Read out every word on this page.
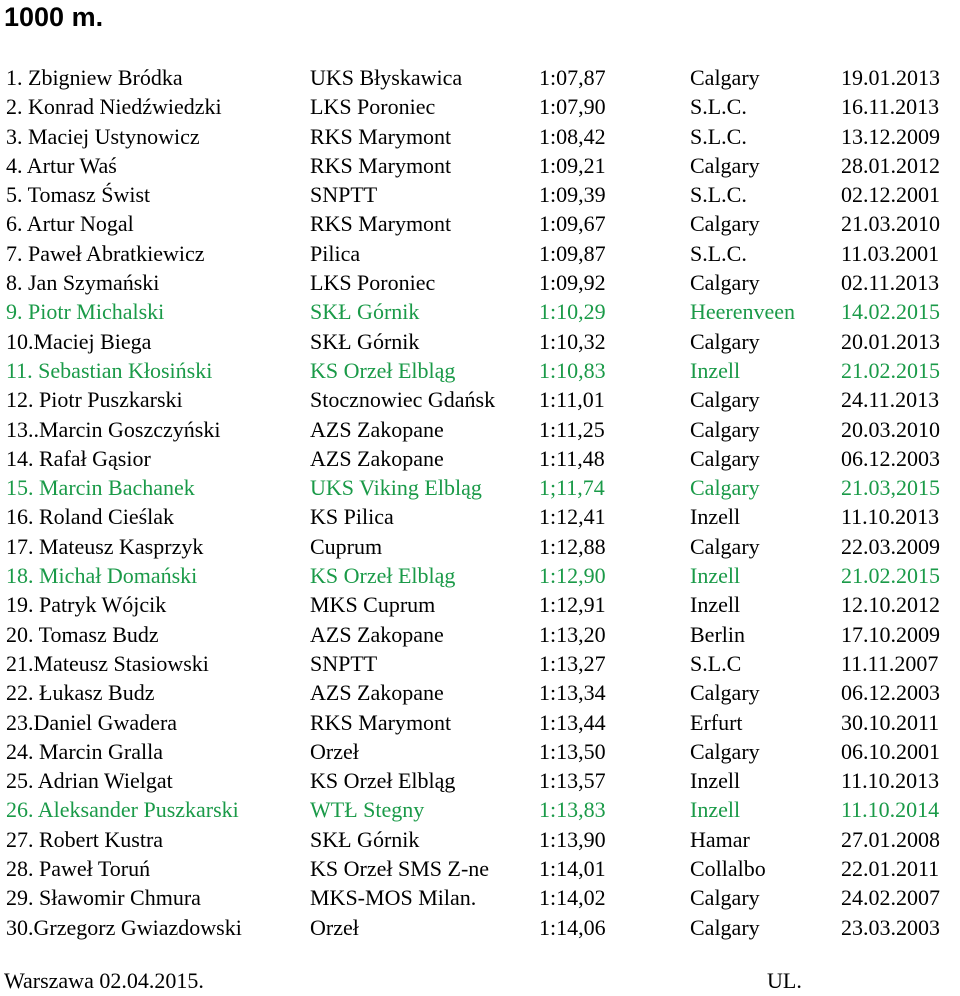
1000 m.
1. Zbigniew Bródka	UKS Błyskawica	1:07,87	Calgary	19.01.2013
2. Konrad Niedźwiedzki	LKS Poroniec	1:07,90	S.L.C.	16.11.2013
3. Maciej Ustynowicz	RKS Marymont	1:08,42	S.L.C.	13.12.2009
4. Artur Waś	RKS Marymont	1:09,21	Calgary	28.01.2012
5. Tomasz Świst	SNPTT	1:09,39	S.L.C.	02.12.2001
6. Artur Nogal	RKS Marymont	1:09,67	Calgary	21.03.2010
7. Paweł Abratkiewicz	Pilica	1:09,87	S.L.C.	11.03.2001
8. Jan Szymański	LKS Poroniec	1:09,92	Calgary	02.11.2013
9. Piotr Michalski	SKŁ Górnik	1:10,29	Heerenveen 14.02.2015
10.Maciej Biega	SKŁ Górnik	1:10,32	Calgary	20.01.2013
11. Sebastian Kłosiński	KS Orzeł Elbląg	1:10,83	Inzell	21.02.2015
12. Piotr Puszkarski	Stocznowiec Gdańsk 1:11,01	Calgary	24.11.2013
13..Marcin Goszczyński	AZS Zakopane	1:11,25	Calgary	20.03.2010
14. Rafał Gąsior	AZS Zakopane	1:11,48	Calgary	06.12.2003
15. Marcin Bachanek	UKS Viking Elbląg	1;11,74	Calgary	21.03,2015
16. Roland Cieślak	KS Pilica	1:12,41	Inzell	11.10.2013
17. Mateusz Kasprzyk	Cuprum	1:12,88	Calgary	22.03.2009
18. Michał Domański	KS Orzeł Elbląg	1:12,90	Inzell	21.02.2015
19. Patryk Wójcik	MKS Cuprum	1:12,91	Inzell	12.10.2012
20. Tomasz Budz	AZS Zakopane	1:13,20	Berlin	17.10.2009
21.Mateusz Stasiowski	SNPTT	1:13,27	S.L.C	11.11.2007
22. Łukasz Budz	AZS Zakopane	1:13,34	Calgary	06.12.2003
23.Daniel Gwadera	RKS Marymont	1:13,44	Erfurt	30.10.2011
24. Marcin Gralla	Orzeł	1:13,50	Calgary	06.10.2001
25. Adrian Wielgat	KS Orzeł Elbląg	1:13,57	Inzell	11.10.2013
26. Aleksander Puszkarski	WTŁ Stegny	1:13,83	Inzell	11.10.2014
27. Robert Kustra	SKŁ Górnik	1:13,90	Hamar	27.01.2008
28. Paweł Toruń	KS Orzeł SMS Z-ne 1:14,01	Collalbo	22.01.2011
29. Sławomir Chmura	MKS-MOS Milan.	1:14,02	Calgary	24.02.2007
30.Grzegorz Gwiazdowski	Orzeł	1:14,06	Calgary	23.03.2003
Warszawa 02.04.2015.	UL.
